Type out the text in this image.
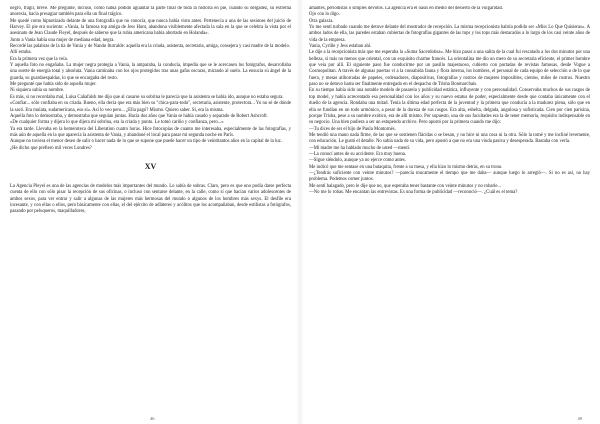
negro, frágil, breve. Me pregunté, incluso, como había podido aguantar la parte final de toda la historia en pie, cuando su delgadez, su extrema anorexia, hacía presagiar también para ella un final trágico.

Me quedé como hipnotizado delante de una fotografía que no conocía, que nunca había visto antes. Pertenecía a una de las sesiones del juicio de Harvey. El pie era suciento: «Vania, la famosa top amiga de Jess Hunt, abandona visiblemente afectada la sala en la que se celebra la vista por el asesinato de Jean Claude Fleyel, después de saberse que la rubia americana había abortado en Holanda».

Junto a Vania había una mujer de mediana edad, negra.

Recordé las palabras de la tía de Vania y de Nando Iturralde: aquella era la criada, asistenta, secretaria, amiga, consejera y casi madre de la modelo.

Allí estaba.

Era la primera vez que la veía.

Y aquella foto no engañaba. La mujer negra protegía a Vania, la amparaba, la conducía, impedía que se le acercasen los fotógrafos, desarrollaba una suerte de energía total y absoluta. Vania caminaba con los ojos protegidos tras unas gafas oscuras, mirando al suelo. La ensucia sú ángel de la guarda, su guardaespaldas, lo que se encargaba del resto.

Me pregunté que había sido de aquella mujer.

Ni siquiera sabía su nombre.

Es más, si no recordaba mal, Luisa Cañafalsh me dijo que al casarse su sobrina le parecía que la asistenta se había ido, aunque no estaba segura.

«Confiar... sólo confiaba en su criada. Bueno, ella decía que era más bien su "chica-para-todo", secretaria, asistente, protectora... Yo no sé de dónde la sacó. Era mulata, sudamericana, eso sí». Así lo veo pero... ¿Ella pagó? Mismo. Quiero saber. Sí, era la misma.

Aquella foto lo demostraba, y demostraba que seguían juntas. Hacía dos años que Vania se había casado y separado de Robert Ashcroft.

«De cualquier forma y dijera lo que dijera mi sobrina, era la criada y punto. Le tomó cariño y confianza, pero...»

Ya era tarde. Llevaba en la hemeroteca del Liberation cuatro horas. Hice fotocopias de cuanto me interesaba, especialmente de las fotografías, y más aún de aquella en la que aparecía la asistenta de Vania, y abandoné el local para pasar mi segunda noche en París.

Aunque no tuviera el menor deseo de salir o hacer nada de lo que se supone que puede hacer un tipo de veintitantos años en la capital de la luz.

¿He dicho que prefiero mil veces Londres?

XV

La Agencia Pleyel es una de las agencias de modelos más importantes del mundo. Lo sabía de sobras. Claro, pero es que uno podía darse perfecta cuenta de ello con sólo pisar la recepción de sus oficinas, o incluso con sentarse delante, en la calle, como sí que hacían varios adolescentes de ambos sexos, para ver entrar y salir a algunas de las mujeres más hermosas del mundo o algunos de los hombres más sexys. El desfile era incesante, y con ellas o ellos, pero básicamente con ellas, el del ejército de adláteres y acólitos que los acompañaban, desde estilistas a fotógrafos, pasando por peluqueros, maquilladores,

46

amantes, periodistas o simples devotos. La agencia era el oasis en medio del desierto de la vulgaridad.

Ojo con lo digo.

Otra galaxia.

Yo me sentí turbado cuando me detuve delante del mostrador de recepción. La misma recepcionista habría podido ser «Miss Lo Que Quisieras». A ambos lados de ella, las paredes estaban cubiertas de fotografías gigantes de las tops y los tops más destacados a lo largo de los casi veinte años de vida de la empresa.

Vania, Cyrille y Jess estaban ahí.

Le dije a la recepcionista más que me esperaba la «Suma Sacerdotisa». Me hizo pasar a una salita de la cual fui rescatado a los dos minutos por una belleza, si más no menos que oriental, con un exquisito charme francés. La orientalina me dio un mero de su secretaria eficiente, el primer hombre que veía por allí. El siguiente paso fue conducirme por un pasillo majestuoso, cubierto con portadas de revistas famosas, desde Vogue a Cosmopolitan. A través de algunas puertas vi a la consabida fauna y flora interna, los hombres, el personal de cada equipo de selección o de lo que fuera, y mesas atiborradas de papeles, ordenadores, diapositivas, fotografías y rostros de mujeres imposibles, cientos, miles de rostros. Nuestro paso no se detuvo hasta ser finalmente entregado en el despacho de Trisha Bonmarchais.

En su tiempo había sido una notable modelo de pasarela y publicidad estática, influyente y con personalidad. Conservaba muchos de sus rasgos de top model, y había acrecentado esa personalidad con los años y su nuevo estatus de poder, especialmente desde que contaba únicamente con el dueño de la agencia. Rondaba una mitad. Tenía la última edad perfecta de la juventud y la primera que conducía a la madurez plena, sólo que en ella se fundían en un todo armónico, a pesar de la dureza de sus rasgos. Era alta, esbelta, delgada, angulosa y sofisticada. Cien por cien parisina, porque Trisha, pese a su nombre exótico, era de allí mismo. Por supuesto, una de sus facultades era la de tener memoria, requisito indispensable en su negocio. Una bien pudiera a ser un estupendo archivo. Pero apostó por la primera cuando me dijo:

—Tu dices de ser el hijo de Paula Montornés.

Me tendió una mano nada firme, de las que se sostienen flácidas o se besan, y no hice ni una cosa ni la otra. Sólo la tomé y me incliné levemente, con educación. Le gustó el detalle. No sabía nada de su vida, pero apostó a que no era una viuda pasiva y desesperada. Bastaba con verla.

—Mi madre me ha hablado mucho de usted —mentí.

—La conocí antes de su accidente. Era muy buena.

—Sigue siéndolo, aunque ya no ejerce como antes.

Me indicó que me sentase en una butaquita, frente a su mesa, y ella hizo lo mismo detrás, en su trono.

—¿Tendrás suficiente con veinte minutos? —parecía mucamente el tiempo que me daba— aunque luego lo arregló—. Si no es así, no hay problema. Podemos comer juntos.

Me sentí halagado, pero le dije que no, que esperaba tener bastante con veinte minutos y no robarle...

—No me lo robas. Me encantan las entrevistas. Es una forma de publicidad —reconoció—. ¿Cuál es el tema?

49
